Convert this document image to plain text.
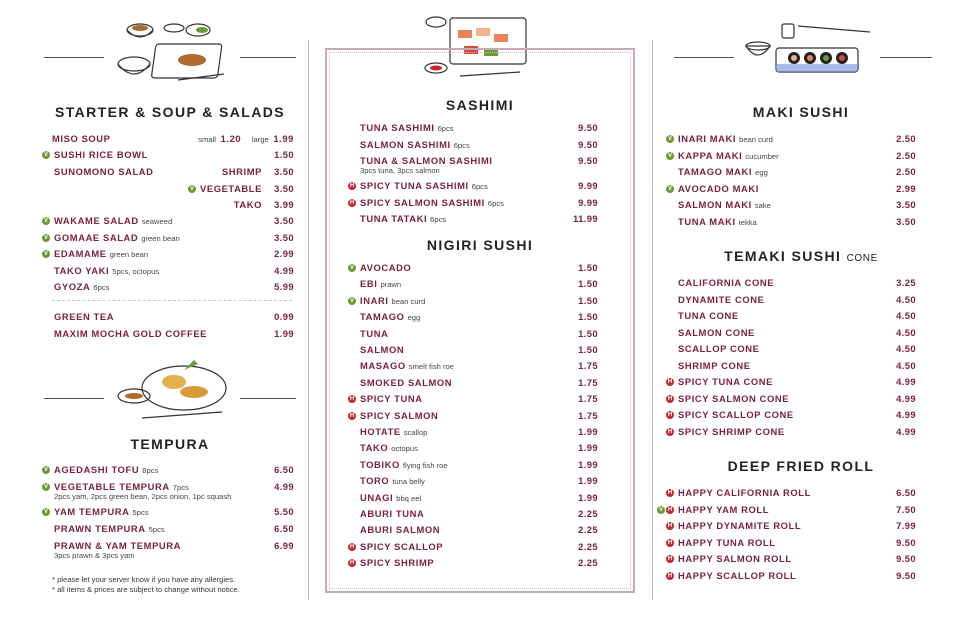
STARTER & SOUP & SALADS
MISO SOUP	small 1.20 large 1.99
TEMPURA
* please let your server know if you have any allergies.
* all items & prices are subject to change without notice.
SASHIMI
NIGIRI SUSHI
MAKI SUSHI
TEMAKI SUSHI CONE
DEEP FRIED ROLL
SUSHI RICE BOWL	1.50
V
SUNOMONO SALAD	SHRIMP 3.50
VEGETABLE 3.50
V
TAKO 3.99
WAKAME SALAD seaweed	3.50
V
GOMAAE SALAD green bean	3.50
V
EDAMAME green bean	2.99
V
TAKO YAKI 5pcs, octopus	4.99
GYOZA 6pcs	5.99
GREEN TEA	0.99
MAXIM MOCHA GOLD COFFEE	1.99
AGEDASHI TOFU 8pcs	6.50
V
VEGETABLE TEMPURA 7pcs	4.99
V
2pcs yam, 2pcs green bean, 2pcs onion, 1pc squash
YAM TEMPURA 5pcs	5.50
V
PRAWN TEMPURA 5pcs	6.50
PRAWN & YAM TEMPURA	6.99
3pcs prawn & 3pcs yam
TUNA SASHIMI 6pcs	9.50
SALMON SASHIMI 6pcs	9.50
TUNA & SALMON SASHIMI	9.50
3pcs tuna, 3pcs salmon
SPICY TUNA SASHIMI 6pcs	9.99
H
SPICY SALMON SASHIMI 6pcs	9.99
H
TUNA TATAKI 6pcs	11.99
AVOCADO	1.50
V
EBI prawn	1.50
INARI bean curd	1.50
V
TAMAGO egg	1.50
TUNA	1.50
SALMON	1.50
MASAGO smelt fish roe	1.75
SMOKED SALMON	1.75
SPICY TUNA	1.75
H
SPICY SALMON	1.75
H
HOTATE scallop	1.99
TAKO octopus	1.99
TOBIKO flying fish roe	1.99
TORO tuna belly	1.99
UNAGI bbq eel	1.99
ABURI TUNA	2.25
ABURI SALMON	2.25
SPICY SCALLOP	2.25
H
SPICY SHRIMP	2.25
H
INARI MAKI bean curd	2.50
V
KAPPA MAKI cucumber	2.50
V
TAMAGO MAKI egg	2.50
AVOCADO MAKI	2.99
V
SALMON MAKI sake	3.50
TUNA MAKI tekka	3.50
CALIFORNIA CONE	3.25
DYNAMITE CONE	4.50
TUNA CONE	4.50
SALMON CONE	4.50
SCALLOP CONE	4.50
SHRIMP CONE	4.50
SPICY TUNA CONE	4.99
H
SPICY SALMON CONE	4.99
H
SPICY SCALLOP CONE	4.99
H
SPICY SHRIMP CONE	4.99
H
HAPPY CALIFORNIA ROLL	6.50
H
HAPPY YAM ROLL	7.50
H
V
HAPPY DYNAMITE ROLL	7.99
H
HAPPY TUNA ROLL	9.50
H
HAPPY SALMON ROLL	9.50
H
HAPPY SCALLOP ROLL	9.50
H
